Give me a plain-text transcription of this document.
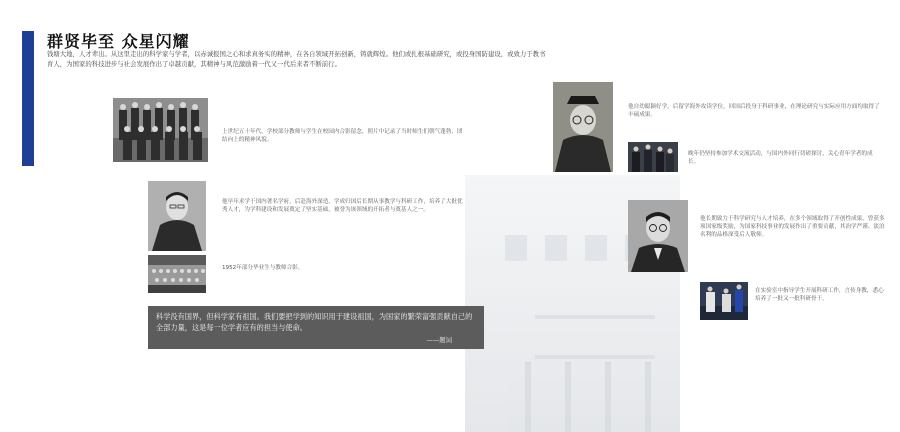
群贤毕至 众星闪耀

钱塘大地，人才辈出。从这里走出的科学家与学者，以赤诚报国之心和求真务实的精神，在各自领域开拓创新，铸就辉煌。他们或扎根基础研究，或投身国防建设，或致力于教书育人，为国家的科技进步与社会发展作出了卓越贡献，其精神与风范激励着一代又一代后来者不断前行。

上世纪五十年代，学校部分教师与学生在校园内合影留念，照片中记录了当时师生们朝气蓬勃、团结向上的精神风貌。

他早年求学于国内著名学府，后赴海外深造，学成归国后长期从事教学与科研工作，培养了大批优秀人才，为学科建设和发展奠定了坚实基础，被誉为该领域的开拓者与奠基人之一。

1952年部分毕业生与教师合影。

科学没有国界，但科学家有祖国。我们要把学到的知识用于建设祖国，为国家的繁荣富强贡献自己的全部力量，这是每一位学者应有的担当与使命。

——题词

他自幼聪颖好学，后留学海外攻读学位，回国后投身于科研事业，在理论研究与实际应用方面均取得了丰硕成果。

晚年仍坚持参加学术交流活动，与国内外同行切磋探讨，关心青年学者的成长。

他长期致力于科学研究与人才培养，在多个领域取得了开创性成果，曾获多项国家级奖励，为国家科技事业的发展作出了重要贡献，其治学严谨、淡泊名利的品格深受后人敬仰。

在实验室中指导学生开展科研工作，言传身教，悉心培养了一批又一批科研骨干。
